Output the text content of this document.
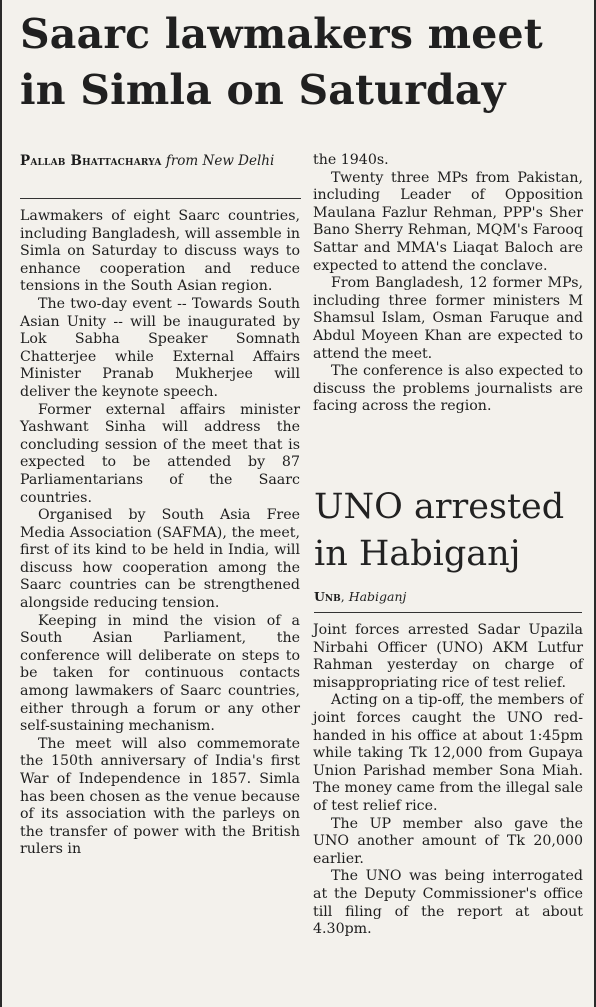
Saarc lawmakers meet in Simla on Saturday
Pallab Bhattacharya from New Delhi

Lawmakers of eight Saarc countries, including Bangladesh, will assemble in Simla on Saturday to discuss ways to enhance cooperation and reduce tensions in the South Asian region.

The two-day event -- Towards South Asian Unity -- will be inaugurated by Lok Sabha Speaker Somnath Chatterjee while External Affairs Minister Pranab Mukherjee will deliver the keynote speech.

Former external affairs minister Yashwant Sinha will address the concluding session of the meet that is expected to be attended by 87 Parliamentarians of the Saarc countries.

Organised by South Asia Free Media Association (SAFMA), the meet, first of its kind to be held in India, will discuss how cooperation among the Saarc countries can be strengthened alongside reducing tension.

Keeping in mind the vision of a South Asian Parliament, the conference will deliberate on steps to be taken for continuous contacts among lawmakers of Saarc countries, either through a forum or any other self-sustaining mechanism.

The meet will also commemorate the 150th anniversary of India's first War of Independence in 1857. Simla has been chosen as the venue because of its association with the parleys on the transfer of power with the British rulers in

the 1940s.

Twenty three MPs from Pakistan, including Leader of Opposition Maulana Fazlur Rehman, PPP's Sher Bano Sherry Rehman, MQM's Farooq Sattar and MMA's Liaqat Baloch are expected to attend the conclave.

From Bangladesh, 12 former MPs, including three former ministers M Shamsul Islam, Osman Faruque and Abdul Moyeen Khan are expected to attend the meet.

The conference is also expected to discuss the problems journalists are facing across the region.

UNO arrested in Habiganj
Unb, Habiganj

Joint forces arrested Sadar Upazila Nirbahi Officer (UNO) AKM Lutfur Rahman yesterday on charge of misappropriating rice of test relief.

Acting on a tip-off, the members of joint forces caught the UNO red-handed in his office at about 1:45pm while taking Tk 12,000 from Gupaya Union Parishad member Sona Miah. The money came from the illegal sale of test relief rice.

The UP member also gave the UNO another amount of Tk 20,000 earlier.

The UNO was being interrogated at the Deputy Commissioner's office till filing of the report at about 4.30pm.
